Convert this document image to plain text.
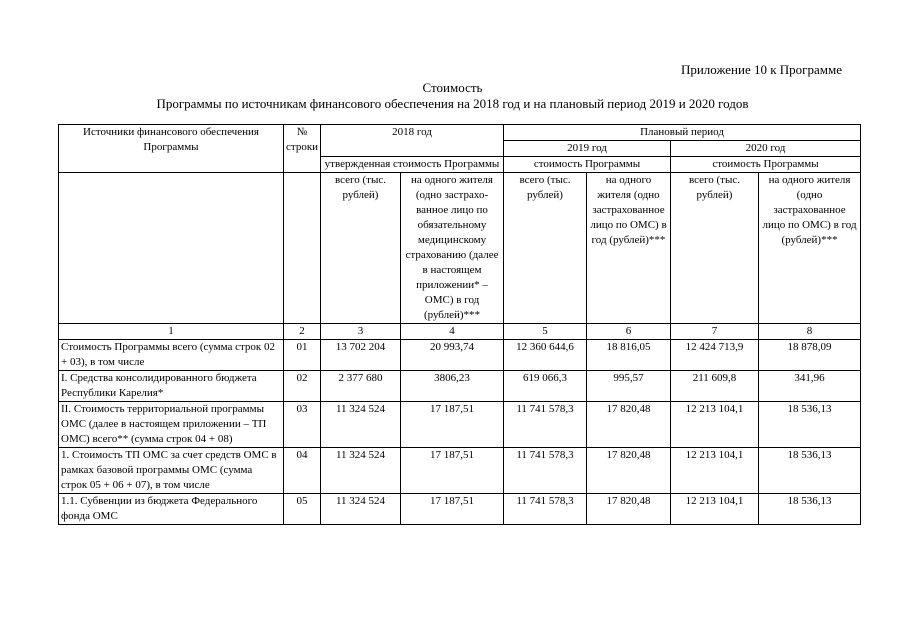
Приложение 10 к Программе
Стоимость
Программы по источникам финансового обеспечения на 2018 год и на плановый период 2019 и 2020 годов
Источники финансового обеспечения Программы	№ строки	2018 год		Плановый период			
				2019 год		2020 год	
		утвержденная стоимость Программы		стоимость Программы		стоимость Программы	
		всего (тыс. рублей)	на одного жителя (одно застрахо-ванное лицо по обязательному медицинскому страхованию (далее в настоящем приложении* – ОМС) в год (рублей)***	всего (тыс. рублей)	на одного жителя (одно застрахованное лицо по ОМС) в год (рублей)***	всего (тыс. рублей)	на одного жителя (одно застрахованное лицо по ОМС) в год (рублей)***
1	2	3	4	5	6	7	8
Стоимость Программы всего (сумма строк 02 + 03), в том числе	01	13 702 204	20 993,74	12 360 644,6	18 816,05	12 424 713,9	18 878,09
I. Средства консолидированного бюджета Республики Карелия*	02	2 377 680	3806,23	619 066,3	995,57	211 609,8	341,96
II. Стоимость территориальной программы ОМС (далее в настоящем приложении – ТП ОМС) всего** (сумма строк 04 + 08)	03	11 324 524	17 187,51	11 741 578,3	17 820,48	12 213 104,1	18 536,13
1. Стоимость ТП ОМС за счет средств ОМС в рамках базовой программы ОМС (сумма строк 05 + 06 + 07), в том числе	04	11 324 524	17 187,51	11 741 578,3	17 820,48	12 213 104,1	18 536,13
1.1. Субвенции из бюджета Федерального фонда ОМС	05	11 324 524	17 187,51	11 741 578,3	17 820,48	12 213 104,1	18 536,13
